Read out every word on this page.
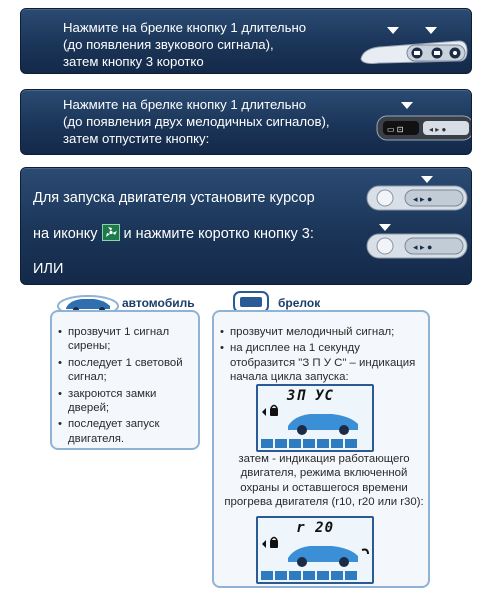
Нажмите на брелке кнопку 1 длительно
(до появления звукового сигнала),
затем кнопку 3 коротко
Нажмите на брелке кнопку 1 длительно
(до появления двух мелодичных сигналов),
затем отпустите кнопку:
▭ ⊡	◂ ▸ ●

Для запуска двигателя установите курсор

на иконку и нажмите коротко кнопку 3:

ИЛИ

◂ ▸ ●
◂ ▸ ●
автомобиль	брелок
• прозвучит 1 сигнал сирены;
• последует 1 световой сигнал;
• закроются замки дверей;
• последует запуск двигателя.
• прозвучит мелодичный сигнал;
• на дисплее на 1 секунду отобразится "З П У С" – индикация начала цикла запуска:
ЗП УС
затем - индикация работающего двигателя, режима включенной охраны и оставшегося времени прогрева двигателя (r10, r20 или r30):
r 20
